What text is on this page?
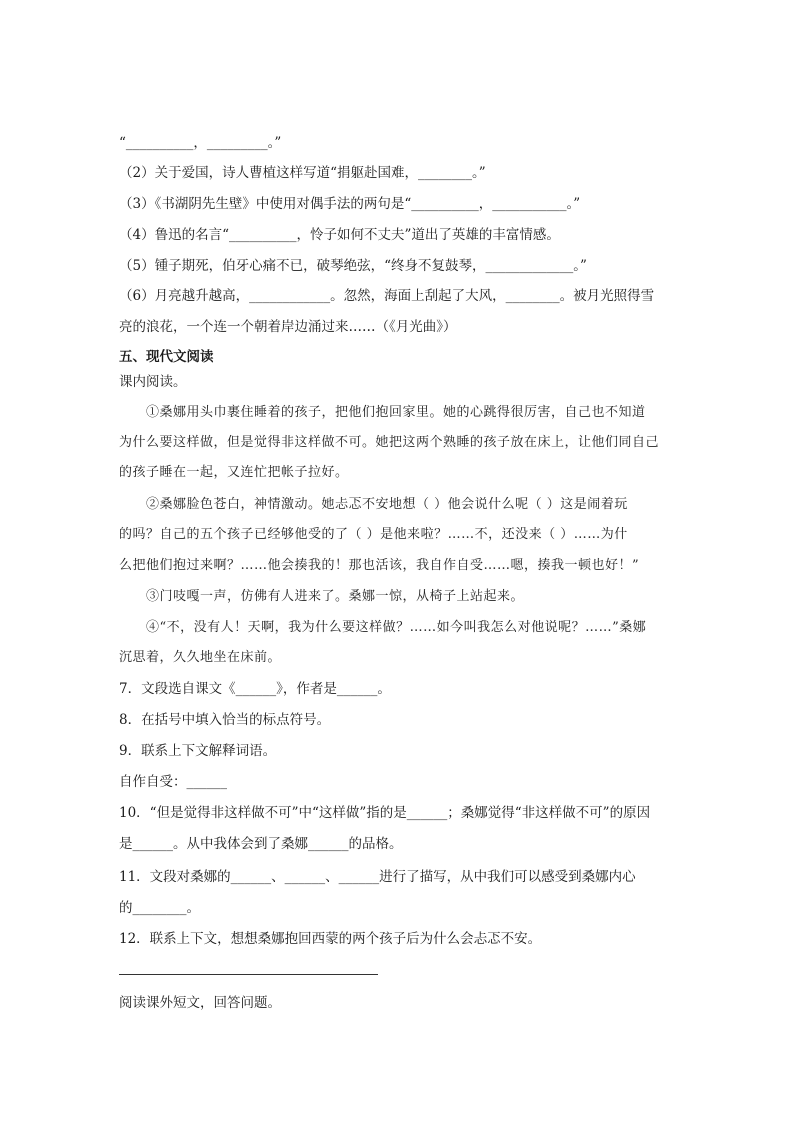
“__________，_________。”
（2）关于爱国，诗人曹植这样写道“捐躯赴国难，________。”
（3）《书湖阴先生壁》中使用对偶手法的两句是“__________，___________。”
（4）鲁迅的名言“__________，怜子如何不丈夫”道出了英雄的丰富情感。
（5）锺子期死，伯牙心痛不已，破琴绝弦，“终身不复鼓琴，_____________。”
（6）月亮越升越高，____________。忽然，海面上刮起了大风，________。被月光照得雪
亮的浪花，一个连一个朝着岸边涌过来……（《月光曲》）
五、现代文阅读
课内阅读。
①桑娜用头巾裹住睡着的孩子，把他们抱回家里。她的心跳得很厉害，自己也不知道
为什么要这样做，但是觉得非这样做不可。她把这两个熟睡的孩子放在床上，让他们同自己
的孩子睡在一起，又连忙把帐子拉好。
②桑娜脸色苍白，神情激动。她忐忑不安地想（ ）他会说什么呢（ ）这是闹着玩
的吗？自己的五个孩子已经够他受的了（ ）是他来啦？……不，还没来（ ）……为什
么把他们抱过来啊？……他会揍我的！那也活该，我自作自受……嗯，揍我一顿也好！”
③门吱嘎一声，仿佛有人进来了。桑娜一惊，从椅子上站起来。
④“不，没有人！天啊，我为什么要这样做？……如今叫我怎么对他说呢？……”桑娜
沉思着，久久地坐在床前。
7．文段选自课文《______》，作者是______。
8．在括号中填入恰当的标点符号。
9．联系上下文解释词语。
自作自受：______
10．“但是觉得非这样做不可”中“这样做”指的是______；桑娜觉得“非这样做不可”的原因
是______。从中我体会到了桑娜______的品格。
11．文段对桑娜的______、______、______进行了描写，从中我们可以感受到桑娜内心
的________。
12．联系上下文，想想桑娜抱回西蒙的两个孩子后为什么会忐忑不安。
阅读课外短文，回答问题。
